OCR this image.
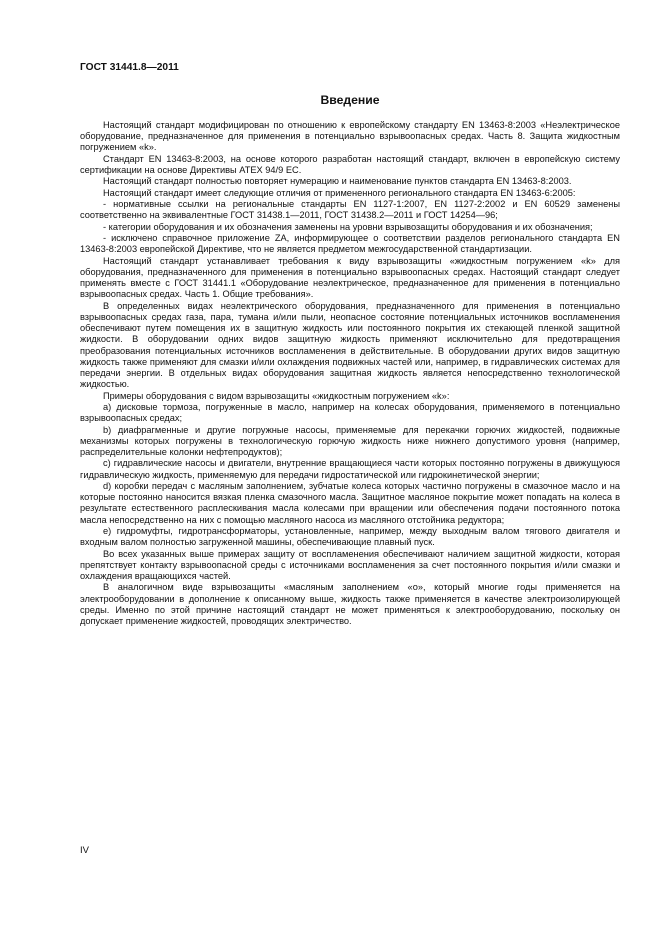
ГОСТ 31441.8—2011
Введение

Настоящий стандарт модифицирован по отношению к европейскому стандарту EN 13463-8:2003 «Неэлектрическое оборудование, предназначенное для применения в потенциально взрывоопасных средах. Часть 8. Защита жидкостным погружением «k».

Стандарт EN 13463-8:2003, на основе которого разработан настоящий стандарт, включен в европейскую систему сертификации на основе Директивы АТЕХ 94/9 ЕС.

Настоящий стандарт полностью повторяет нумерацию и наименование пунктов стандарта EN 13463-8:2003.

Настоящий стандарт имеет следующие отличия от примененного регионального стандарта EN 13463-6:2005:

- нормативные ссылки на региональные стандарты EN 1127-1:2007, EN 1127-2:2002 и EN 60529 заменены соответственно на эквивалентные ГОСТ 31438.1—2011, ГОСТ 31438.2—2011 и ГОСТ 14254—96;

- категории оборудования и их обозначения заменены на уровни взрывозащиты оборудования и их обозначения;

- исключено справочное приложение ZA, информирующее о соответствии разделов регионального стандарта EN 13463-8:2003 европейской Директиве, что не является предметом межгосударственной стандартизации.

Настоящий стандарт устанавливает требования к виду взрывозащиты «жидкостным погружением «k» для оборудования, предназначенного для применения в потенциально взрывоопасных средах. Настоящий стандарт следует применять вместе с ГОСТ 31441.1 «Оборудование неэлектрическое, предназначенное для применения в потенциально взрывоопасных средах. Часть 1. Общие требования».

В определенных видах неэлектрического оборудования, предназначенного для применения в потенциально взрывоопасных средах газа, пара, тумана и/или пыли, неопасное состояние потенциальных источников воспламенения обеспечивают путем помещения их в защитную жидкость или постоянного покрытия их стекающей пленкой защитной жидкости. В оборудовании одних видов защитную жидкость применяют исключительно для предотвращения преобразования потенциальных источников воспламенения в действительные. В оборудовании других видов защитную жидкость также применяют для смазки и/или охлаждения подвижных частей или, например, в гидравлических системах для передачи энергии. В отдельных видах оборудования защитная жидкость является непосредственно технологической жидкостью.

Примеры оборудования с видом взрывозащиты «жидкостным погружением «k»:

а) дисковые тормоза, погруженные в масло, например на колесах оборудования, применяемого в потенциально взрывоопасных средах;

b) диафрагменные и другие погружные насосы, применяемые для перекачки горючих жидкостей, подвижные механизмы которых погружены в технологическую горючую жидкость ниже нижнего допустимого уровня (например, распределительные колонки нефтепродуктов);

с) гидравлические насосы и двигатели, внутренние вращающиеся части которых постоянно погружены в движущуюся гидравлическую жидкость, применяемую для передачи гидростатической или гидрокинетической энергии;

d) коробки передач с масляным заполнением, зубчатые колеса которых частично погружены в смазочное масло и на которые постоянно наносится вязкая пленка смазочного масла. Защитное масляное покрытие может попадать на колеса в результате естественного расплескивания масла колесами при вращении или обеспечения подачи постоянного потока масла непосредственно на них с помощью масляного насоса из масляного отстойника редуктора;

е) гидромуфты, гидротрансформаторы, установленные, например, между выходным валом тягового двигателя и входным валом полностью загруженной машины, обеспечивающие плавный пуск.

Во всех указанных выше примерах защиту от воспламенения обеспечивают наличием защитной жидкости, которая препятствует контакту взрывоопасной среды с источниками воспламенения за счет постоянного покрытия и/или смазки и охлаждения вращающихся частей.

В аналогичном виде взрывозащиты «масляным заполнением «о», который многие годы применяется на электрооборудовании в дополнение к описанному выше, жидкость также применяется в качестве электроизолирующей среды. Именно по этой причине настоящий стандарт не может применяться к электрооборудованию, поскольку он допускает применение жидкостей, проводящих электричество.

IV
